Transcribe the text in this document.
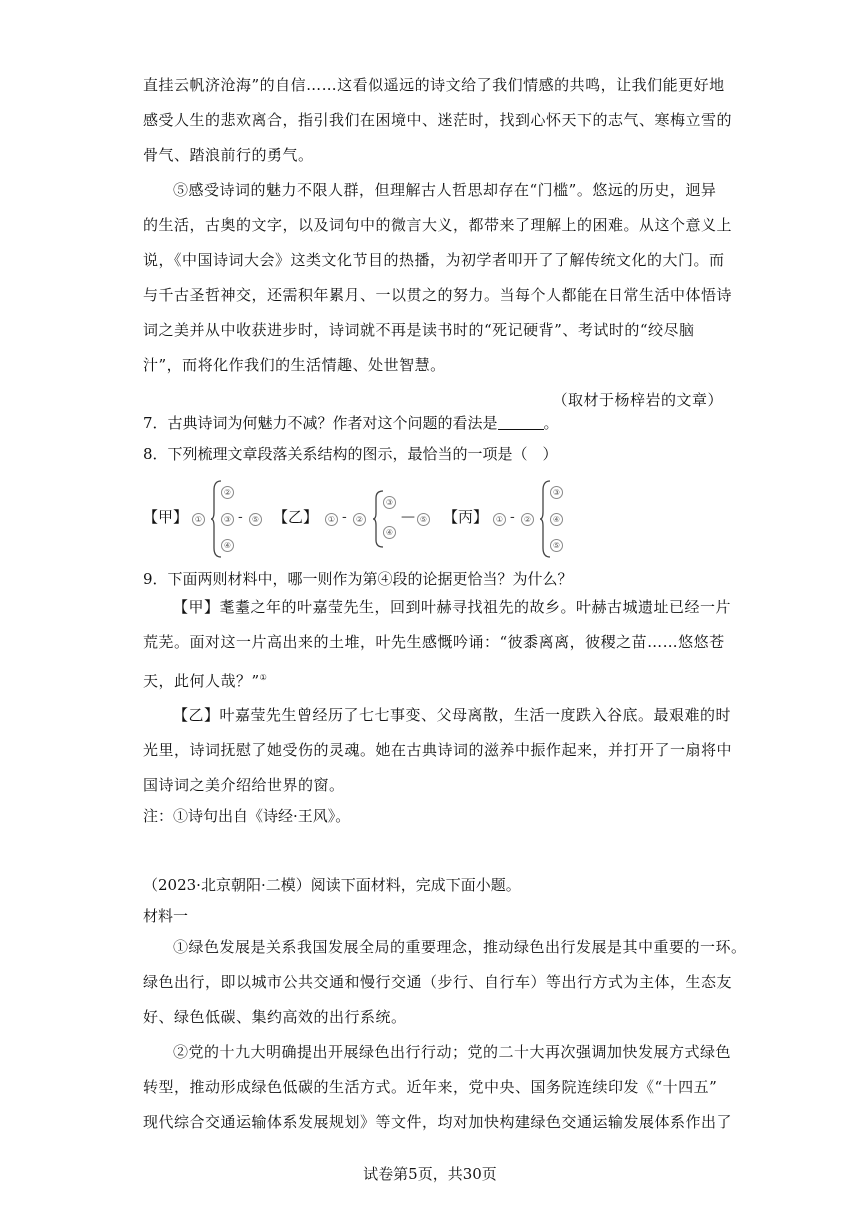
直挂云帆济沧海”的自信……这看似遥远的诗文给了我们情感的共鸣，让我们能更好地
感受人生的悲欢离合，指引我们在困境中、迷茫时，找到心怀天下的志气、寒梅立雪的
骨气、踏浪前行的勇气。
⑤感受诗词的魅力不限人群，但理解古人哲思却存在“门槛”。悠远的历史，迥异
的生活，古奥的文字，以及词句中的微言大义，都带来了理解上的困难。从这个意义上
说，《中国诗词大会》这类文化节目的热播，为初学者叩开了了解传统文化的大门。而
与千古圣哲神交，还需积年累月、一以贯之的努力。当每个人都能在日常生活中体悟诗
词之美并从中收获进步时，诗词就不再是读书时的“死记硬背”、考试时的“绞尽脑
汁”，而将化作我们的生活情趣、处世智慧。
（取材于杨梓岩的文章）
7．古典诗词为何魅力不减？作者对这个问题的看法是	。
8．下列梳理文章段落关系结构的图示，最恰当的一项是（　）
【甲】 ①
②
③ -	⑤
④
【乙】	① -	②
③
④
— ⑤ 【丙】 ① -	②
③
④
⑤
9．下面两则材料中，哪一则作为第④段的论据更恰当？为什么？
【甲】耄耋之年的叶嘉莹先生，回到叶赫寻找祖先的故乡。叶赫古城遗址已经一片
荒芜。面对这一片高出来的土堆，叶先生感慨吟诵：“彼黍离离，彼稷之苗……悠悠苍
天，此何人哉？”①
【乙】叶嘉莹先生曾经历了七七事变、父母离散，生活一度跌入谷底。最艰难的时
光里，诗词抚慰了她受伤的灵魂。她在古典诗词的滋养中振作起来，并打开了一扇将中
国诗词之美介绍给世界的窗。
注：①诗句出自《诗经·王风》。
（2023·北京朝阳·二模）阅读下面材料，完成下面小题。
材料一
①绿色发展是关系我国发展全局的重要理念，推动绿色出行发展是其中重要的一环。
绿色出行，即以城市公共交通和慢行交通（步行、自行车）等出行方式为主体，生态友
好、绿色低碳、集约高效的出行系统。
②党的十九大明确提出开展绿色出行行动；党的二十大再次强调加快发展方式绿色
转型，推动形成绿色低碳的生活方式。近年来，党中央、国务院连续印发《“十四五”
现代综合交通运输体系发展规划》等文件，均对加快构建绿色交通运输发展体系作出了
试卷第5页，共30页
